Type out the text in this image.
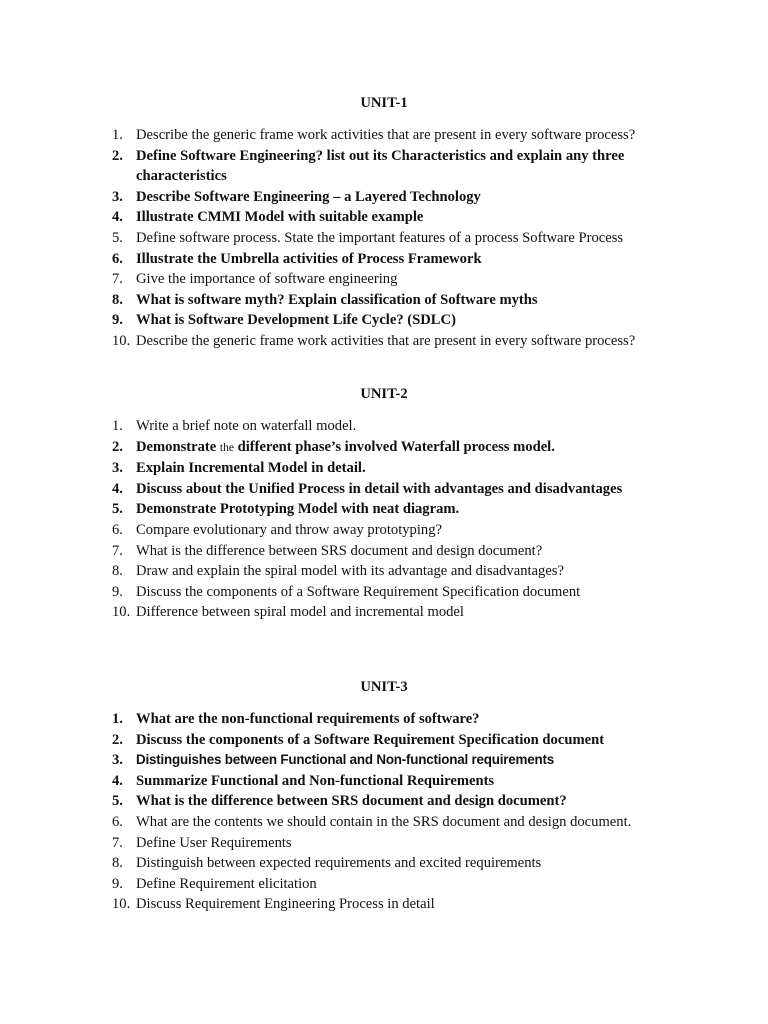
UNIT-1
1. Describe the generic frame work activities that are present in every software process?
2. Define Software Engineering? list out its Characteristics and explain any three characteristics
3. Describe Software Engineering – a Layered Technology
4. Illustrate CMMI Model with suitable example
5. Define software process. State the important features of a process Software Process
6. Illustrate the Umbrella activities of Process Framework
7. Give the importance of software engineering
8. What is software myth? Explain classification of Software myths
9. What is Software Development Life Cycle? (SDLC)
10. Describe the generic frame work activities that are present in every software process?
UNIT-2
1. Write a brief note on waterfall model.
2. Demonstrate the different phase’s involved Waterfall process model.
3. Explain Incremental Model in detail.
4. Discuss about the Unified Process in detail with advantages and disadvantages
5. Demonstrate Prototyping Model with neat diagram.
6. Compare evolutionary and throw away prototyping?
7. What is the difference between SRS document and design document?
8. Draw and explain the spiral model with its advantage and disadvantages?
9. Discuss the components of a Software Requirement Specification document
10. Difference between spiral model and incremental model
UNIT-3
1. What are the non-functional requirements of software?
2. Discuss the components of a Software Requirement Specification document
3. Distinguishes between Functional and Non-functional requirements
4. Summarize Functional and Non-functional Requirements
5. What is the difference between SRS document and design document?
6. What are the contents we should contain in the SRS document and design document.
7. Define User Requirements
8. Distinguish between expected requirements and excited requirements
9. Define Requirement elicitation
10. Discuss Requirement Engineering Process in detail
